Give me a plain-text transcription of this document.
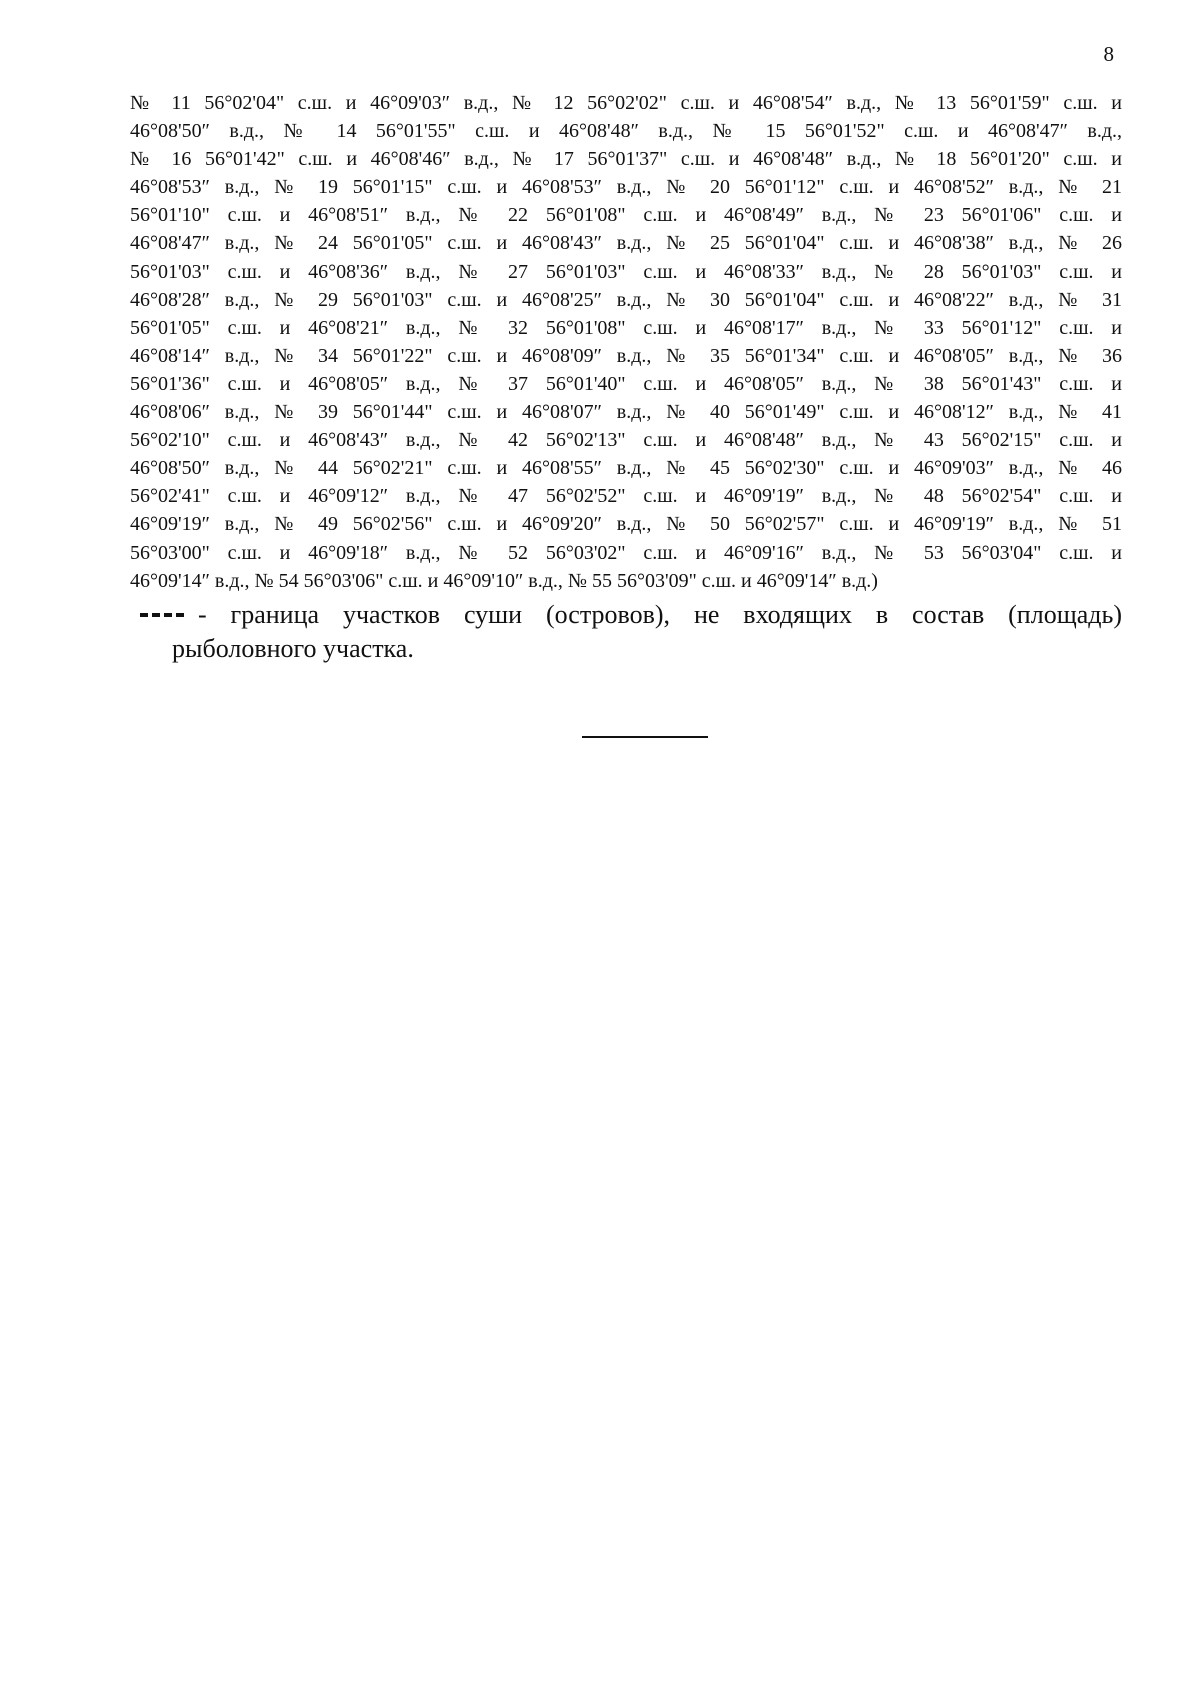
8
№ 11 56°02'04" с.ш. и 46°09'03″ в.д., № 12 56°02'02" с.ш. и 46°08'54″ в.д., № 13 56°01'59" с.ш. и
46°08'50″ в.д., № 14 56°01'55" с.ш. и 46°08'48″ в.д., № 15 56°01'52" с.ш. и 46°08'47″ в.д.,
№ 16 56°01'42" с.ш. и 46°08'46″ в.д., № 17 56°01'37" с.ш. и 46°08'48″ в.д., № 18 56°01'20" с.ш. и
46°08'53″ в.д., № 19 56°01'15" с.ш. и 46°08'53″ в.д., № 20 56°01'12" с.ш. и 46°08'52″ в.д., № 21
56°01'10" с.ш. и 46°08'51″ в.д., № 22 56°01'08" с.ш. и 46°08'49″ в.д., № 23 56°01'06" с.ш. и
46°08'47″ в.д., № 24 56°01'05" с.ш. и 46°08'43″ в.д., № 25 56°01'04" с.ш. и 46°08'38″ в.д., № 26
56°01'03" с.ш. и 46°08'36″ в.д., № 27 56°01'03" с.ш. и 46°08'33″ в.д., № 28 56°01'03" с.ш. и
46°08'28″ в.д., № 29 56°01'03" с.ш. и 46°08'25″ в.д., № 30 56°01'04" с.ш. и 46°08'22″ в.д., № 31
56°01'05" с.ш. и 46°08'21″ в.д., № 32 56°01'08" с.ш. и 46°08'17″ в.д., № 33 56°01'12" с.ш. и
46°08'14″ в.д., № 34 56°01'22" с.ш. и 46°08'09″ в.д., № 35 56°01'34" с.ш. и 46°08'05″ в.д., № 36
56°01'36" с.ш. и 46°08'05″ в.д., № 37 56°01'40" с.ш. и 46°08'05″ в.д., № 38 56°01'43" с.ш. и
46°08'06″ в.д., № 39 56°01'44" с.ш. и 46°08'07″ в.д., № 40 56°01'49" с.ш. и 46°08'12″ в.д., № 41
56°02'10" с.ш. и 46°08'43″ в.д., № 42 56°02'13" с.ш. и 46°08'48″ в.д., № 43 56°02'15" с.ш. и
46°08'50″ в.д., № 44 56°02'21" с.ш. и 46°08'55″ в.д., № 45 56°02'30" с.ш. и 46°09'03″ в.д., № 46
56°02'41" с.ш. и 46°09'12″ в.д., № 47 56°02'52" с.ш. и 46°09'19″ в.д., № 48 56°02'54" с.ш. и
46°09'19″ в.д., № 49 56°02'56" с.ш. и 46°09'20″ в.д., № 50 56°02'57" с.ш. и 46°09'19″ в.д., № 51
56°03'00" с.ш. и 46°09'18″ в.д., № 52 56°03'02" с.ш. и 46°09'16″ в.д., № 53 56°03'04" с.ш. и
46°09'14″ в.д., № 54 56°03'06" с.ш. и 46°09'10″ в.д., № 55 56°03'09" с.ш. и 46°09'14″ в.д.)
- граница участков суши (островов), не входящих в состав (площадь)
рыболовного участка.
